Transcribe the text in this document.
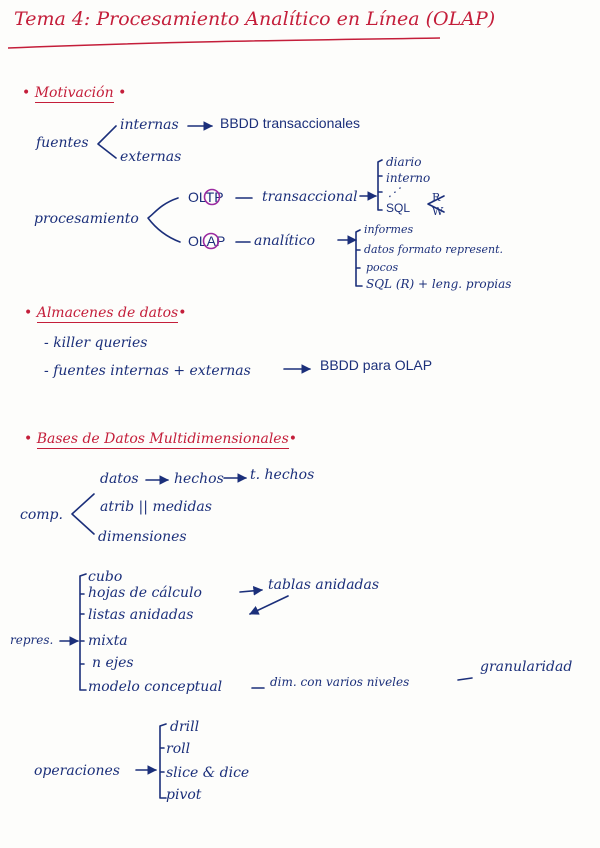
Tema 4: Procesamiento Analítico en Línea (OLAP)
• Motivación •
fuentes
internas	BBDD transaccionales
externas
procesamiento
OLTP	transaccional
diario
interno
⋰
SQL
R
W
OLAP analítico
informes
datos formato represent.
pocos
SQL (R) + leng. propias
• Almacenes de datos•
- killer queries
- fuentes internas + externas	BBDD para OLAP
• Bases de Datos Multidimensionales•
datos	hechos t. hechos
comp.	atrib || medidas
dimensiones
repres.
cubo
hojas de cálculo	tablas anidadas
listas anidadas
mixta
n ejes
modelo conceptual	dim. con varios niveles
granularidad
operaciones
drill
roll
slice & dice
pivot
